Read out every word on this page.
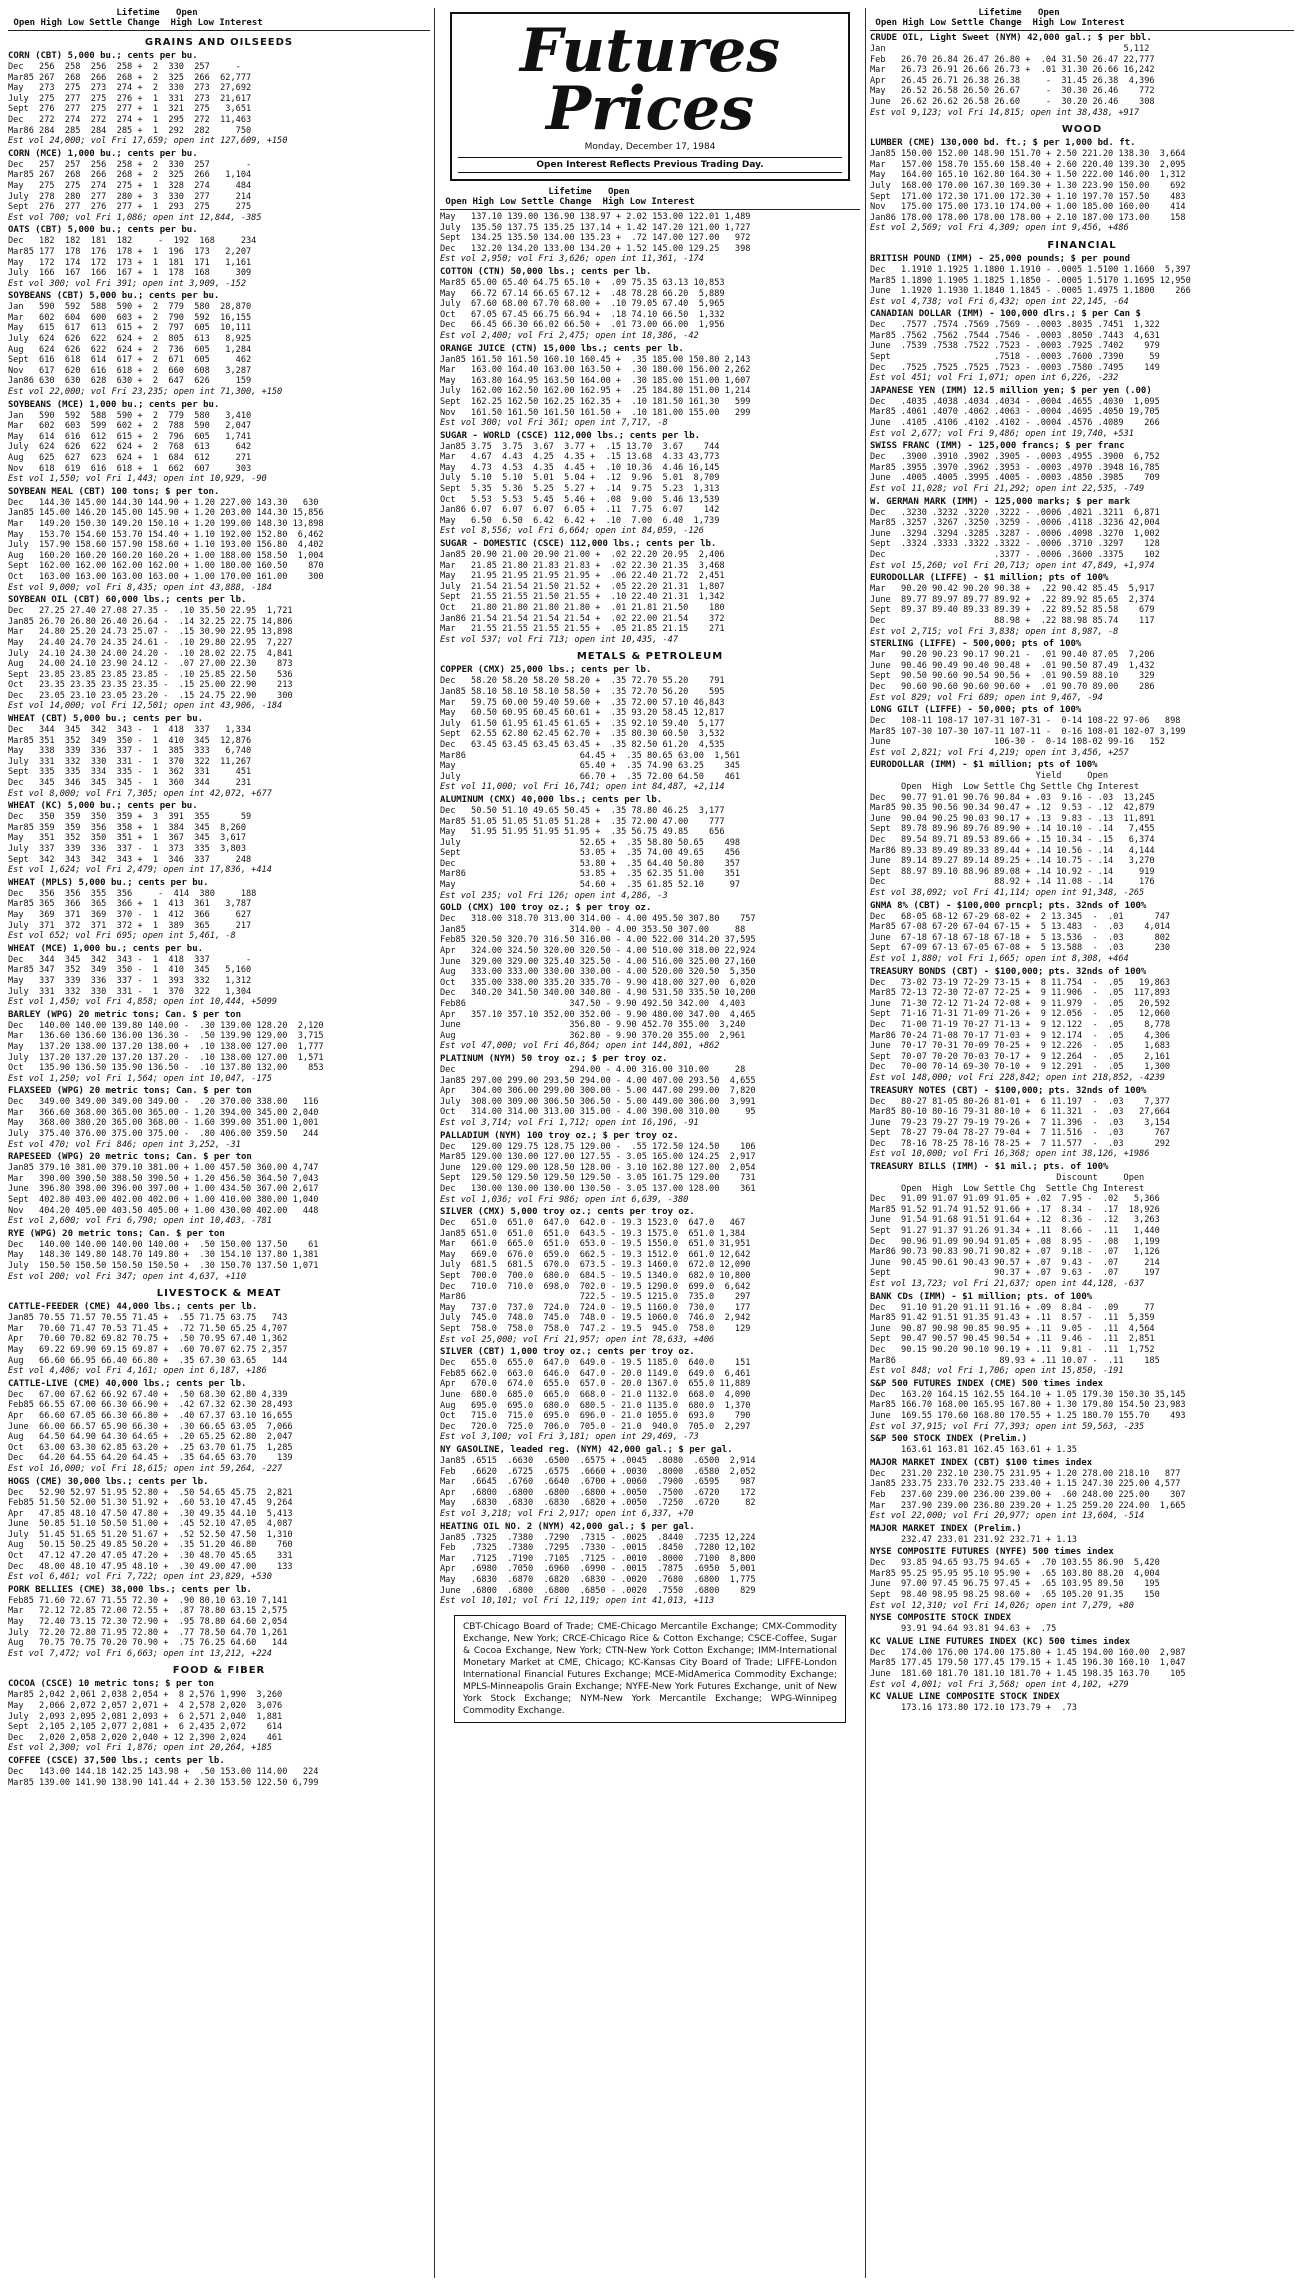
Lifetime   Open
Open High Low Settle Change  High Low Interest
GRAINS AND OILSEEDS
CORN (CBT) 5,000 bu.; cents per bu.
Dec   256  258  256  258 +  2  330  257     -
Mar85 267  268  266  268 +  2  325  266  62,777
May   273  275  273  274 +  2  330  273  27,692
July  275  277  275  276 +  1  331  273  21,617
Sept  276  277  275  277 +  1  321  275   3,651
Dec   272  274  272  274 +  1  295  272  11,463
Mar86 284  285  284  285 +  1  292  282     750
Est vol 24,000; vol Fri 17,659; open int 127,609, +150
CORN (MCE) 1,000 bu.; cents per bu.
Dec   257  257  256  258 +  2  330  257       -
Mar85 267  268  266  268 +  2  325  266   1,104
May   275  275  274  275 +  1  328  274     484
July  278  280  277  280 +  3  330  277     214
Sept  276  277  276  277 +  1  293  275     275
Est vol 700; vol Fri 1,086; open int 12,844, -385
OATS (CBT) 5,000 bu.; cents per bu.
Dec   182  182  181  182     -  192  168     234
Mar85 177  178  176  178 +  1  196  173   2,207
May   172  174  172  173 +  1  181  171   1,161
July  166  167  166  167 +  1  178  168     309
Est vol 300; vol Fri 391; open int 3,909, -152
SOYBEANS (CBT) 5,000 bu.; cents per bu.
Jan   590  592  588  590 +  2  779  580  28,870
Mar   602  604  600  603 +  2  790  592  16,155
May   615  617  613  615 +  2  797  605  10,111
July  624  626  622  624 +  2  805  613   8,925
Aug   624  626  622  624 +  2  736  605   1,284
Sept  616  618  614  617 +  2  671  605     462
Nov   617  620  616  618 +  2  660  608   3,287
Jan86 630  630  628  630 +  2  647  626     159
Est vol 22,000; vol Fri 23,235; open int 71,300, +150
SOYBEANS (MCE) 1,000 bu.; cents per bu.
Jan   590  592  588  590 +  2  779  580   3,410
Mar   602  603  599  602 +  2  788  590   2,047
May   614  616  612  615 +  2  796  605   1,741
July  624  626  622  624 +  2  768  613     642
Aug   625  627  623  624 +  1  684  612     271
Nov   618  619  616  618 +  1  662  607     303
Est vol 1,550; vol Fri 1,443; open int 10,929, -90
SOYBEAN MEAL (CBT) 100 tons; $ per ton.
Dec   144.30 145.00 144.30 144.90 + 1.20 227.00 143.30   630
Jan85 145.00 146.20 145.00 145.90 + 1.20 203.00 144.30 15,856
Mar   149.20 150.30 149.20 150.10 + 1.20 199.00 148.30 13,898
May   153.70 154.60 153.70 154.40 + 1.10 192.00 152.80  6,462
July  157.90 158.60 157.90 158.60 + 1.10 193.00 156.80  4,402
Aug   160.20 160.20 160.20 160.20 + 1.00 188.00 158.50  1,004
Sept  162.00 162.00 162.00 162.00 + 1.00 180.00 160.50    870
Oct   163.00 163.00 163.00 163.00 + 1.00 170.00 161.00    300
Est vol 9,000; vol Fri 8,435; open int 43,888, -184
SOYBEAN OIL (CBT) 60,000 lbs.; cents per lb.
Dec   27.25 27.40 27.08 27.35 -  .10 35.50 22.95  1,721
Jan85 26.70 26.80 26.40 26.64 -  .14 32.25 22.75 14,806
Mar   24.80 25.20 24.73 25.07 -  .15 30.90 22.95 13,898
May   24.40 24.70 24.35 24.61 -  .10 29.80 22.95  7,227
July  24.10 24.30 24.00 24.20 -  .10 28.02 22.75  4,841
Aug   24.00 24.10 23.90 24.12 -  .07 27.00 22.30    873
Sept  23.85 23.85 23.85 23.85 -  .10 25.85 22.50    536
Oct   23.35 23.35 23.35 23.35 -  .15 25.00 22.90    213
Dec   23.05 23.10 23.05 23.20 -  .15 24.75 22.90    300
Est vol 14,000; vol Fri 12,501; open int 43,906, -184
WHEAT (CBT) 5,000 bu.; cents per bu.
Dec   344  345  342  343 -  1  418  337   1,334
Mar85 351  352  349  350 -  1  410  345  12,876
May   338  339  336  337 -  1  385  333   6,740
July  331  332  330  331 -  1  370  322  11,267
Sept  335  335  334  335 -  1  362  331     451
Dec   345  346  345  345 -  1  360  344     231
Est vol 8,000; vol Fri 7,305; open int 42,072, +677
WHEAT (KC) 5,000 bu.; cents per bu.
Dec   350  359  350  359 +  3  391  355      59
Mar85 359  359  356  358 +  1  384  345  8,260
May   351  352  350  351 +  1  367  345  3,617
July  337  339  336  337 -  1  373  335  3,803
Sept  342  343  342  343 +  1  346  337     248
Est vol 1,624; vol Fri 2,479; open int 17,836, +414
WHEAT (MPLS) 5,000 bu.; cents per bu.
Dec   356  356  355  356     -  414  380     188
Mar85 365  366  365  366 +  1  413  361   3,787
May   369  371  369  370 -  1  412  366     627
July  371  372  371  372 +  1  389  365     217
Est vol 652; vol Fri 695; open int 5,461, -8
WHEAT (MCE) 1,000 bu.; cents per bu.
Dec   344  345  342  343 -  1  418  337       -
Mar85 347  352  349  350 -  1  410  345   5,160
May   337  339  336  337 -  1  393  332   1,312
July  331  332  330  331 -  1  370  322   1,304
Est vol 1,450; vol Fri 4,858; open int 10,444, +5099
BARLEY (WPG) 20 metric tons; Can. $ per ton
Dec   140.00 140.00 139.80 140.00 -  .30 139.00 128.20  2,120
Mar   136.60 136.60 136.00 136.30 -  .50 139.90 129.00  3,715
May   137.20 138.00 137.20 138.00 +  .10 138.00 127.00  1,777
July  137.20 137.20 137.20 137.20 -  .10 138.00 127.00  1,571
Oct   135.90 136.50 135.90 136.50 -  .10 137.80 132.00    853
Est vol 1,250; vol Fri 1,564; open int 10,047, -175
FLAXSEED (WPG) 20 metric tons; Can. $ per ton
Dec   349.00 349.00 349.00 349.00 -  .20 370.00 338.00   116
Mar   366.60 368.00 365.00 365.00 - 1.20 394.00 345.00 2,040
May   368.00 380.20 365.00 368.00 - 1.60 399.00 351.00 1,001
July  375.40 376.00 375.00 375.00 -  .80 406.00 359.50   244
Est vol 470; vol Fri 846; open int 3,252, -31
RAPESEED (WPG) 20 metric tons; Can. $ per ton
Jan85 379.10 381.00 379.10 381.00 + 1.00 457.50 360.00 4,747
Mar   390.00 390.50 388.50 390.50 + 1.20 456.50 364.50 7,043
June  396.80 398.00 396.00 397.00 + 1.00 434.50 367.00 2,617
Sept  402.80 403.00 402.00 402.00 + 1.00 410.00 380.00 1,040
Nov   404.20 405.00 403.50 405.00 + 1.00 430.00 402.00   448
Est vol 2,600; vol Fri 6,790; open int 10,403, -781
RYE (WPG) 20 metric tons; Can. $ per ton
Dec   140.00 140.00 140.00 140.00 +  .50 150.00 137.50    61
May   148.30 149.80 148.70 149.80 +  .30 154.10 137.80 1,381
July  150.50 150.50 150.50 150.50 +  .30 150.70 137.50 1,071
Est vol 200; vol Fri 347; open int 4,637, +110
LIVESTOCK & MEAT
CATTLE-FEEDER (CME) 44,000 lbs.; cents per lb.
Jan85 70.55 71.57 70.55 71.45 +  .55 71.75 63.75   743
Mar   70.60 71.47 70.53 71.45 +  .72 71.50 65.25 4,707
Apr   70.60 70.82 69.82 70.75 +  .50 70.95 67.40 1,362
May   69.22 69.90 69.15 69.87 +  .60 70.07 62.75 2,357
Aug   66.60 66.95 66.40 66.80 +  .35 67.30 63.65   144
Est vol 4,406; vol Fri 4,161; open int 6,187, +186
CATTLE-LIVE (CME) 40,000 lbs.; cents per lb.
Dec   67.00 67.62 66.92 67.40 +  .50 68.30 62.80 4,339
Feb85 66.55 67.00 66.30 66.90 +  .42 67.32 62.30 28,493
Apr   66.60 67.05 66.30 66.80 +  .40 67.37 63.10 16,655
June  66.00 66.57 65.90 66.30 +  .30 66.65 63.05  7,066
Aug   64.50 64.90 64.30 64.65 +  .20 65.25 62.80  2,047
Oct   63.00 63.30 62.85 63.20 +  .25 63.70 61.75  1,285
Dec   64.20 64.55 64.20 64.45 +  .35 64.65 63.70    139
Est vol 16,000; vol Fri 18,615; open int 59,264, -227
HOGS (CME) 30,000 lbs.; cents per lb.
Dec   52.90 52.97 51.95 52.80 +  .50 54.65 45.75  2,821
Feb85 51.50 52.00 51.30 51.92 +  .60 53.10 47.45  9,264
Apr   47.85 48.10 47.50 47.80 +  .30 49.35 44.10  5,413
June  50.85 51.10 50.50 51.00 +  .45 52.10 47.05  4,087
July  51.45 51.65 51.20 51.67 +  .52 52.50 47.50  1,310
Aug   50.15 50.25 49.85 50.20 +  .35 51.20 46.80    760
Oct   47.12 47.20 47.05 47.20 +  .30 48.70 45.65    331
Dec   48.00 48.10 47.95 48.10 +  .30 49.00 47.00    133
Est vol 6,461; vol Fri 7,722; open int 23,829, +530
PORK BELLIES (CME) 38,000 lbs.; cents per lb.
Feb85 71.60 72.67 71.55 72.30 +  .90 80.10 63.10 7,141
Mar   72.12 72.85 72.00 72.55 +  .87 78.80 63.15 2,575
May   72.40 73.15 72.30 72.90 +  .95 78.80 64.60 2,054
July  72.20 72.80 71.95 72.80 +  .77 78.50 64.70 1,261
Aug   70.75 70.75 70.20 70.90 +  .75 76.25 64.60   144
Est vol 7,472; vol Fri 6,663; open int 13,212, +224
FOOD & FIBER
COCOA (CSCE) 10 metric tons; $ per ton
Mar85 2,042 2,061 2,038 2,054 +  8 2,576 1,990  3,260
May   2,066 2,072 2,057 2,071 +  4 2,578 2,020  3,076
July  2,093 2,095 2,081 2,093 +  6 2,571 2,040  1,881
Sept  2,105 2,105 2,077 2,081 +  6 2,435 2,072    614
Dec   2,020 2,058 2,020 2,040 + 12 2,390 2,024    461
Est vol 2,300; vol Fri 1,876; open int 20,264, +185
COFFEE (CSCE) 37,500 lbs.; cents per lb.
Dec   143.00 144.18 142.25 143.98 +  .50 153.00 114.00   224
Mar85 139.00 141.90 138.90 141.44 + 2.30 153.50 122.50 6,799
Futures
Prices
Monday, December 17, 1984
Open Interest Reflects Previous Trading Day.
Lifetime   Open
Open High Low Settle Change  High Low Interest
May   137.10 139.00 136.90 138.97 + 2.02 153.00 122.01 1,489
July  135.50 137.75 135.25 137.14 + 1.42 147.20 121.00 1,727
Sept  134.25 135.50 134.00 135.23 +  .72 147.00 127.00   972
Dec   132.20 134.20 133.00 134.20 + 1.52 145.00 129.25   398
Est vol 2,950; vol Fri 3,626; open int 11,361, -174
COTTON (CTN) 50,000 lbs.; cents per lb.
Mar85 65.00 65.40 64.75 65.10 +  .09 75.35 63.13 10,853
May   66.72 67.14 66.65 67.12 +  .48 78.28 66.20  5,889
July  67.60 68.00 67.70 68.00 +  .10 79.05 67.40  5,965
Oct   67.05 67.45 66.75 66.94 +  .18 74.10 66.50  1,332
Dec   66.45 66.30 66.02 66.50 +  .01 73.00 66.00  1,956
Est vol 2,400; vol Fri 2,475; open int 18,386, -42
ORANGE JUICE (CTN) 15,000 lbs.; cents per lb.
Jan85 161.50 161.50 160.10 160.45 +  .35 185.00 150.80 2,143
Mar   163.00 164.40 163.00 163.50 +  .30 180.00 156.00 2,262
May   163.80 164.95 163.50 164.00 +  .30 185.00 151.00 1,607
July  162.00 162.50 162.00 162.95 +  .25 184.80 151.00 1,214
Sept  162.25 162.50 162.25 162.35 +  .10 181.50 161.30   599
Nov   161.50 161.50 161.50 161.50 +  .10 181.00 155.00   299
Est vol 300; vol Fri 361; open int 7,717, -8
SUGAR - WORLD (CSCE) 112,000 lbs.; cents per lb.
Jan85 3.75  3.75  3.67  3.77 +  .15 13.70  3.67    744
Mar   4.67  4.43  4.25  4.35 +  .15 13.68  4.33 43,773
May   4.73  4.53  4.35  4.45 +  .10 10.36  4.46 16,145
July  5.10  5.10  5.01  5.04 +  .12  9.96  5.01  8,709
Sept  5.35  5.36  5.25  5.27 +  .14  9.75  5.23  1,313
Oct   5.53  5.53  5.45  5.46 +  .08  9.00  5.46 13,539
Jan86 6.07  6.07  6.07  6.05 +  .11  7.75  6.07    142
May   6.50  6.50  6.42  6.42 +  .10  7.00  6.40  1,739
Est vol 8,556; vol Fri 6,664; open int 84,059, -126
SUGAR - DOMESTIC (CSCE) 112,000 lbs.; cents per lb.
Jan85 20.90 21.00 20.90 21.00 +  .02 22.20 20.95  2,406
Mar   21.85 21.80 21.83 21.83 +  .02 22.30 21.35  3,468
May   21.95 21.95 21.95 21.95 +  .06 22.40 21.72  2,451
July  21.54 21.54 21.50 21.52 +  .05 22.20 21.31  1,807
Sept  21.55 21.55 21.50 21.55 +  .10 22.40 21.31  1,342
Oct   21.80 21.80 21.80 21.80 +  .01 21.81 21.50    180
Jan86 21.54 21.54 21.54 21.54 +  .02 22.00 21.54    372
Mar   21.55 21.55 21.55 21.55 +  .05 21.85 21.15    271
Est vol 537; vol Fri 713; open int 10,435, -47
METALS & PETROLEUM
COPPER (CMX) 25,000 lbs.; cents per lb.
Dec   58.20 58.20 58.20 58.20 +  .35 72.70 55.20    791
Jan85 58.10 58.10 58.10 58.50 +  .35 72.70 56.20    595
Mar   59.75 60.00 59.40 59.60 +  .35 72.00 57.10 46,843
May   60.50 60.95 60.45 60.61 +  .35 93.20 58.45 12,817
July  61.50 61.95 61.45 61.65 +  .35 92.10 59.40  5,177
Sept  62.55 62.80 62.45 62.70 +  .35 80.30 60.50  3,532
Dec   63.45 63.45 63.45 63.45 +  .35 82.50 61.20  4,535
Mar86                      64.45 +  .35 80.65 63.00  1,561
May                        65.40 +  .35 74.90 63.25    345
July                       66.70 +  .35 72.00 64.50    461
Est vol 11,000; vol Fri 16,741; open int 84,487, +2,114
ALUMINUM (CMX) 40,000 lbs.; cents per lb.
Dec   50.50 51.10 49.65 50.45 +  .35 78.80 46.25  3,177
Mar85 51.05 51.05 51.05 51.28 +  .35 72.00 47.00    777
May   51.95 51.95 51.95 51.95 +  .35 56.75 49.85    656
July                       52.65 +  .35 58.80 50.65    498
Sept                       53.05 +  .35 74.00 49.65    456
Dec                        53.80 +  .35 64.40 50.80    357
Mar86                      53.85 +  .35 62.35 51.00    351
May                        54.60 +  .35 61.85 52.10     97
Est vol 235; vol Fri 126; open int 4,286, -3
GOLD (CMX) 100 troy oz.; $ per troy oz.
Dec   318.00 318.70 313.00 314.00 - 4.00 495.50 307.80    757
Jan85                    314.00 - 4.00 353.50 307.00     88
Feb85 320.50 320.70 316.50 316.00 - 4.00 522.00 314.20 37,595
Apr   324.00 324.50 320.00 320.50 - 4.00 510.00 318.00 22,924
June  329.00 329.00 325.40 325.50 - 4.00 516.00 325.00 27,160
Aug   333.00 333.00 330.00 330.00 - 4.00 520.00 320.50  5,350
Oct   335.00 338.00 335.20 335.70 - 9.90 418.00 327.00  6,020
Dec   340.20 341.50 340.00 340.80 - 4.90 531.50 335.50 10,200
Feb86                    347.50 - 9.90 492.50 342.00  4,403
Apr   357.10 357.10 352.00 352.00 - 9.90 480.00 347.00  4,465
June                     356.80 - 9.90 452.70 355.00  3,240
Aug                      362.80 - 9.90 370.20 355.00  2,961
Est vol 47,000; vol Fri 46,864; open int 144,801, +862
PLATINUM (NYM) 50 troy oz.; $ per troy oz.
Dec                      294.00 - 4.00 316.00 310.00     28
Jan85 297.00 299.00 293.50 294.00 - 4.00 407.00 293.50  4,655
Apr   304.00 306.00 299.00 300.00 - 5.00 447.00 299.00  7,820
July  308.00 309.00 306.50 306.50 - 5.00 449.00 306.00  3,991
Oct   314.00 314.00 313.00 315.00 - 4.00 390.00 310.00     95
Est vol 3,714; vol Fri 1,712; open int 16,196, -91
PALLADIUM (NYM) 100 troy oz.; $ per troy oz.
Dec   129.00 129.75 128.75 129.00 -  .55 172.50 124.50    106
Mar85 129.00 130.00 127.00 127.55 - 3.05 165.00 124.25  2,917
June  129.00 129.00 128.50 128.00 - 3.10 162.80 127.00  2,054
Sept  129.50 129.50 129.50 129.50 - 3.05 161.75 129.00    731
Dec   130.00 130.00 130.00 130.50 - 3.05 137.00 128.00    361
Est vol 1,036; vol Fri 986; open int 6,639, -380
SILVER (CMX) 5,000 troy oz.; cents per troy oz.
Dec   651.0  651.0  647.0  642.0 - 19.3 1523.0  647.0   467
Jan85 651.0  651.0  651.0  643.5 - 19.3 1575.0  651.0 1,384
Mar   661.0  665.0  651.0  653.0 - 19.5 1550.0  651.0 31,951
May   669.0  676.0  659.0  662.5 - 19.3 1512.0  661.0 12,642
July  681.5  681.5  670.0  673.5 - 19.3 1460.0  672.0 12,090
Sept  700.0  700.0  680.0  684.5 - 19.5 1340.0  682.0 10,800
Dec   710.0  710.0  698.0  702.0 - 19.5 1290.0  699.0  6,642
Mar86                      722.5 - 19.5 1215.0  735.0    297
May   737.0  737.0  724.0  724.0 - 19.5 1160.0  730.0    177
July  745.0  748.0  745.0  748.0 - 19.5 1060.0  746.0  2,942
Sept  758.0  758.0  758.0  747.2 - 19.5  945.0  758.0    129
Est vol 25,000; vol Fri 21,957; open int 78,633, +406
SILVER (CBT) 1,000 troy oz.; cents per troy oz.
Dec   655.0  655.0  647.0  649.0 - 19.5 1185.0  640.0    151
Feb85 662.0  663.0  646.0  647.0 - 20.0 1149.0  649.0  6,461
Apr   670.0  674.0  655.0  657.0 - 20.0 1367.0  655.0 11,889
June  680.0  685.0  665.0  668.0 - 21.0 1132.0  668.0  4,090
Aug   695.0  695.0  680.0  680.5 - 21.0 1135.0  680.0  1,370
Oct   715.0  715.0  695.0  696.0 - 21.0 1055.0  693.0    790
Dec   720.0  725.0  706.0  705.0 - 21.0  940.0  705.0  2,297
Est vol 3,100; vol Fri 3,181; open int 29,469, -73
NY GASOLINE, leaded reg. (NYM) 42,000 gal.; $ per gal.
Jan85 .6515  .6630  .6500  .6575 + .0045  .8080  .6500  2,914
Feb   .6620  .6725  .6575  .6660 + .0030  .8000  .6580  2,052
Mar   .6645  .6760  .6640  .6700 + .0060  .7900  .6595    987
Apr   .6800  .6800  .6800  .6800 + .0050  .7500  .6720    172
May   .6830  .6830  .6830  .6820 + .0050  .7250  .6720     82
Est vol 3,218; vol Fri 2,917; open int 6,337, +70
HEATING OIL NO. 2 (NYM) 42,000 gal.; $ per gal.
Jan85 .7325  .7380  .7290  .7315 - .0025  .8440  .7235 12,224
Feb   .7325  .7380  .7295  .7330 - .0015  .8450  .7280 12,102
Mar   .7125  .7190  .7105  .7125 - .0010  .8000  .7100  8,800
Apr   .6980  .7050  .6960  .6990 - .0015  .7875  .6950  5,001
May   .6830  .6870  .6820  .6830 - .0020  .7680  .6800  1,775
June  .6800  .6800  .6800  .6850 - .0020  .7550  .6800    829
Est vol 10,101; vol Fri 12,119; open int 41,013, +113
CBT-Chicago Board of Trade; CME-Chicago Mercantile Exchange; CMX-Commodity Exchange, New York; CRCE-Chicago Rice & Cotton Exchange; CSCE-Coffee, Sugar & Cocoa Exchange, New York; CTN-New York Cotton Exchange; IMM-International Monetary Market at CME, Chicago; KC-Kansas City Board of Trade; LIFFE-London International Financial Futures Exchange; MCE-MidAmerica Commodity Exchange; MPLS-Minneapolis Grain Exchange; NYFE-New York Futures Exchange, unit of New York Stock Exchange; NYM-New York Mercantile Exchange; WPG-Winnipeg Commodity Exchange.
Lifetime   Open
Open High Low Settle Change  High Low Interest
CRUDE OIL, Light Sweet (NYM) 42,000 gal.; $ per bbl.
Jan                                              5,112
Feb   26.70 26.84 26.47 26.80 +  .04 31.50 26.47 22,777
Mar   26.73 26.91 26.66 26.73 +  .01 31.30 26.66 16,242
Apr   26.45 26.71 26.38 26.38     -  31.45 26.38  4,396
May   26.52 26.58 26.50 26.67     -  30.30 26.46    772
June  26.62 26.62 26.58 26.60     -  30.20 26.46    308
Est vol 9,123; vol Fri 14,815; open int 38,438, +917
WOOD
LUMBER (CME) 130,000 bd. ft.; $ per 1,000 bd. ft.
Jan85 150.00 152.00 148.90 151.70 + 2.50 221.20 138.30  3,664
Mar   157.00 158.70 155.60 158.40 + 2.60 220.40 139.30  2,095
May   164.00 165.10 162.80 164.30 + 1.50 222.00 146.00  1,312
July  168.00 170.00 167.30 169.30 + 1.30 223.90 150.00    692
Sept  171.00 172.30 171.00 172.30 + 1.10 197.70 157.50    483
Nov   175.00 175.00 173.10 174.00 + 1.00 185.00 160.00    414
Jan86 178.00 178.00 178.00 178.00 + 2.10 187.00 173.00    158
Est vol 2,569; vol Fri 4,309; open int 9,456, +486
FINANCIAL
BRITISH POUND (IMM) - 25,000 pounds; $ per pound
Dec   1.1910 1.1925 1.1800 1.1910 - .0005 1.5100 1.1660  5,397
Mar85 1.1890 1.1905 1.1825 1.1850 - .0005 1.5170 1.1695 12,950
June  1.1920 1.1930 1.1840 1.1845 - .0005 1.4975 1.1800    266
Est vol 4,738; vol Fri 6,432; open int 22,145, -64
CANADIAN DOLLAR (IMM) - 100,000 dlrs.; $ per Can $
Dec   .7577 .7574 .7569 .7569 - .0003 .8035 .7451  1,322
Mar85 .7562 .7562 .7544 .7546 - .0003 .8050 .7443  4,631
June  .7539 .7538 .7522 .7523 - .0003 .7925 .7402    979
Sept                    .7518 - .0003 .7600 .7390     59
Dec   .7525 .7525 .7525 .7523 - .0003 .7580 .7495    149
Est vol 451; vol Fri 1,071; open int 6,226, -232
JAPANESE YEN (IMM) 12.5 million yen; $ per yen (.00)
Dec   .4035 .4038 .4034 .4034 - .0004 .4655 .4030  1,095
Mar85 .4061 .4070 .4062 .4063 - .0004 .4695 .4050 19,705
June  .4105 .4106 .4102 .4102 - .0004 .4576 .4089    266
Est vol 2,677; vol Fri 9,486; open int 19,740, +531
SWISS FRANC (IMM) - 125,000 francs; $ per franc
Dec   .3900 .3910 .3902 .3905 - .0003 .4955 .3900  6,752
Mar85 .3955 .3970 .3962 .3953 - .0003 .4970 .3948 16,785
June  .4005 .4005 .3995 .4005 - .0003 .4850 .3985    709
Est vol 11,028; vol Fri 21,292; open int 22,535, -749
W. GERMAN MARK (IMM) - 125,000 marks; $ per mark
Dec   .3230 .3232 .3220 .3222 - .0006 .4021 .3211  6,871
Mar85 .3257 .3267 .3250 .3259 - .0006 .4118 .3236 42,004
June  .3294 .3294 .3285 .3287 - .0006 .4098 .3270  1,002
Sept  .3324 .3333 .3322 .3322 - .0006 .3710 .3297    128
Dec                     .3377 - .0006 .3600 .3375    102
Est vol 15,260; vol Fri 20,713; open int 47,849, +1,974
EURODOLLAR (LIFFE) - $1 million; pts of 100%
Mar   90.20 90.42 90.20 90.38 +  .22 90.42 85.45  5,917
June  89.77 89.97 89.77 89.92 +  .22 89.92 85.65  2,374
Sept  89.37 89.40 89.33 89.39 +  .22 89.52 85.58    679
Dec                     88.98 +  .22 88.98 85.74    117
Est vol 2,715; vol Fri 3,838; open int 8,987, -8
STERLING (LIFFE) - 500,000; pts of 100%
Mar   90.20 90.23 90.17 90.21 -  .01 90.40 87.05  7,206
June  90.46 90.49 90.40 90.48 +  .01 90.50 87.49  1,432
Sept  90.50 90.60 90.54 90.56 +  .01 90.59 88.10    329
Dec   90.60 90.60 90.60 90.60 +  .01 90.70 89.00    286
Est vol 829; vol Fri 689; open int 9,467, -94
LONG GILT (LIFFE) - 50,000; pts of 100%
Dec   108-11 108-17 107-31 107-31 -  0-14 108-22 97-06   898
Mar85 107-30 107-30 107-11 107-11 -  0-16 108-01 102-07 3,199
June                    106-30 -  0-14 108-02 99-16   152
Est vol 2,821; vol Fri 4,219; open int 3,456, +257
EURODOLLAR (IMM) - $1 million; pts of 100%
Yield     Open
Open  High  Low Settle Chg Settle Chg Interest
Dec   90.77 91.01 90.76 90.84 + .03  9.16 - .03  13,245
Mar85 90.35 90.56 90.34 90.47 + .12  9.53 - .12  42,879
June  90.04 90.25 90.03 90.17 + .13  9.83 - .13  11,891
Sept  89.78 89.96 89.76 89.90 + .14 10.10 - .14   7,455
Dec   89.54 89.71 89.53 89.66 + .15 10.34 - .15   6,374
Mar86 89.33 89.49 89.33 89.44 + .14 10.56 - .14   4,144
June  89.14 89.27 89.14 89.25 + .14 10.75 - .14   3,270
Sept  88.97 89.10 88.96 89.08 + .14 10.92 - .14     919
Dec                     88.92 + .14 11.08 - .14     176
Est vol 38,092; vol Fri 41,114; open int 91,348, -265
GNMA 8% (CBT) - $100,000 prncpl; pts. 32nds of 100%
Dec   68-05 68-12 67-29 68-02 +  2 13.345  -  .01      747
Mar85 67-08 67-20 67-04 67-15 +  5 13.483  -  .03    4,014
June  67-18 67-18 67-18 67-18 +  5 13.536  -  .03      802
Sept  67-09 67-13 67-05 67-08 +  5 13.588  -  .03      230
Est vol 1,880; vol Fri 1,665; open int 8,308, +464
TREASURY BONDS (CBT) - $100,000; pts. 32nds of 100%
Dec   73-02 73-19 72-29 73-15 +  8 11.754  -  .05   19,863
Mar85 72-13 72-30 72-07 72-25 +  9 11.906  -  .05  117,893
June  71-30 72-12 71-24 72-08 +  9 11.979  -  .05   20,592
Sept  71-16 71-31 71-09 71-26 +  9 12.056  -  .05   12,060
Dec   71-00 71-19 70-27 71-13 +  9 12.122  -  .05    8,778
Mar86 70-24 71-08 70-17 71-03 +  9 12.174  -  .05    4,306
June  70-17 70-31 70-09 70-25 +  9 12.226  -  .05    1,683
Sept  70-07 70-20 70-03 70-17 +  9 12.264  -  .05    2,161
Dec   70-00 70-14 69-30 70-10 +  9 12.291  -  .05    1,300
Est vol 148,000; vol Fri 228,842; open int 218,852, -4239
TREASURY NOTES (CBT) - $100,000; pts. 32nds of 100%
Dec   80-27 81-05 80-26 81-01 +  6 11.197  -  .03    7,377
Mar85 80-10 80-16 79-31 80-10 +  6 11.321  -  .03   27,664
June  79-23 79-27 79-19 79-26 +  7 11.396  -  .03    3,154
Sept  78-27 79-04 78-27 79-04 +  7 11.516  -  .03      767
Dec   78-16 78-25 78-16 78-25 +  7 11.577  -  .03      292
Est vol 10,000; vol Fri 16,368; open int 38,126, +1986
TREASURY BILLS (IMM) - $1 mil.; pts. of 100%
Discount     Open
Open  High  Low Settle Chg  Settle Chg Interest
Dec   91.09 91.07 91.09 91.05 + .02  7.95 -  .02   5,366
Mar85 91.52 91.74 91.52 91.66 + .17  8.34 -  .17  18,926
June  91.54 91.68 91.51 91.64 + .12  8.36 -  .12   3,263
Sept  91.27 91.37 91.26 91.34 + .11  8.66 -  .11   1,440
Dec   90.96 91.09 90.94 91.05 + .08  8.95 -  .08   1,199
Mar86 90.73 90.83 90.71 90.82 + .07  9.18 -  .07   1,126
June  90.45 90.61 90.43 90.57 + .07  9.43 -  .07     214
Sept                    90.37 + .07  9.63 -  .07     197
Est vol 13,723; vol Fri 21,637; open int 44,128, -637
BANK CDs (IMM) - $1 million; pts. of 100%
Dec   91.10 91.20 91.11 91.16 + .09  8.84 -  .09     77
Mar85 91.42 91.51 91.35 91.43 + .11  8.57 -  .11  5,359
June  90.87 90.98 90.85 90.95 + .11  9.05 -  .11  4,564
Sept  90.47 90.57 90.45 90.54 + .11  9.46 -  .11  2,851
Dec   90.15 90.20 90.10 90.19 + .11  9.81 -  .11  1,752
Mar86                    89.93 + .11 10.07 -  .11    185
Est vol 848; vol Fri 1,706; open int 15,850, -191
S&P 500 FUTURES INDEX (CME) 500 times index
Dec   163.20 164.15 162.55 164.10 + 1.05 179.30 150.30 35,145
Mar85 166.70 168.00 165.95 167.80 + 1.30 179.80 154.50 23,983
June  169.55 170.60 168.80 170.55 + 1.25 180.70 155.70    493
Est vol 37,915; vol Fri 77,393; open int 59,563, -235
S&P 500 STOCK INDEX (Prelim.)
163.61 163.81 162.45 163.61 + 1.35
MAJOR MARKET INDEX (CBT) $100 times index
Dec   231.20 232.10 230.75 231.95 + 1.20 278.00 218.10   877
Jan85 233.75 233.70 232.75 233.40 + 1.15 247.30 225.00 4,577
Feb   237.60 239.00 236.00 239.00 +  .60 248.00 225.00    307
Mar   237.90 239.00 236.80 239.20 + 1.25 259.20 224.00  1,665
Est vol 22,000; vol Fri 20,977; open int 13,604, -514
MAJOR MARKET INDEX (Prelim.)
232.47 233.01 231.92 232.71 + 1.13
NYSE COMPOSITE FUTURES (NYFE) 500 times index
Dec   93.85 94.65 93.75 94.65 +  .70 103.55 86.90  5,420
Mar85 95.25 95.95 95.10 95.90 +  .65 103.80 88.20  4,004
June  97.00 97.45 96.75 97.45 +  .65 103.95 89.50    195
Sept  98.40 98.95 98.25 98.60 +  .65 105.20 91.35    150
Est vol 12,310; vol Fri 14,026; open int 7,279, +80
NYSE COMPOSITE STOCK INDEX
93.91 94.64 93.81 94.63 +  .75
KC VALUE LINE FUTURES INDEX (KC) 500 times index
Dec   174.00 176.00 174.00 175.80 + 1.45 194.00 160.00  2,987
Mar85 177.45 179.50 177.45 179.15 + 1.45 196.30 160.10  1,047
June  181.60 181.70 181.10 181.70 + 1.45 198.35 163.70    105
Est vol 4,001; vol Fri 3,568; open int 4,102, +279
KC VALUE LINE COMPOSITE STOCK INDEX
173.16 173.80 172.10 173.79 +  .73
